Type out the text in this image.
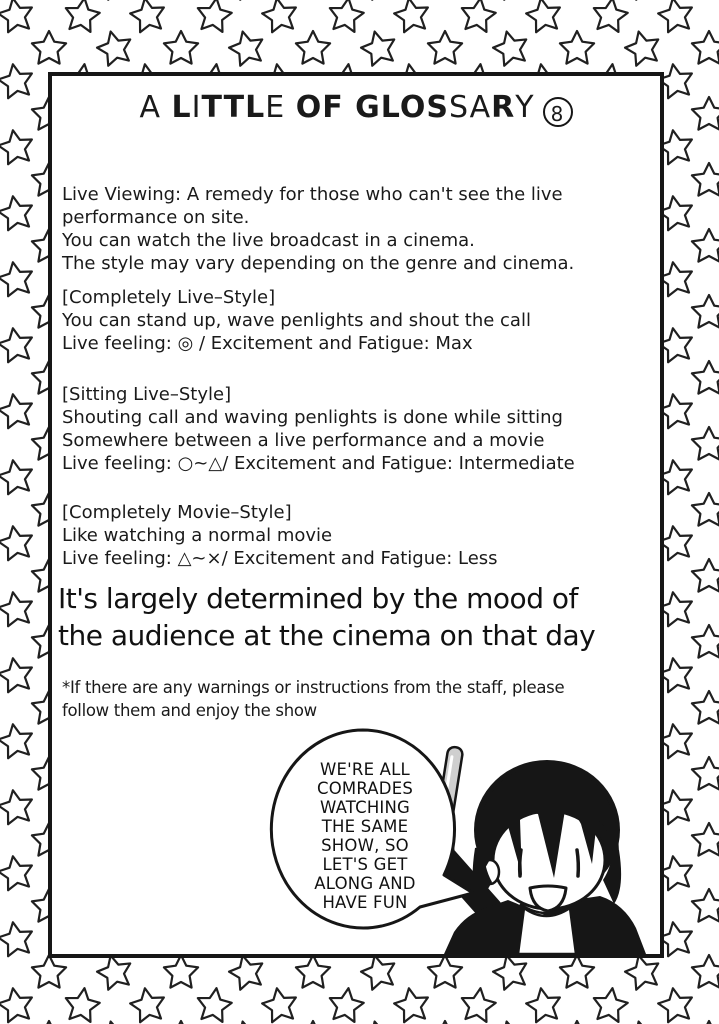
A LITTLE OF GLOSSARY 8
Live Viewing: A remedy for those who can't see the live
performance on site.
You can watch the live broadcast in a cinema.
The style may vary depending on the genre and cinema.
[Completely Live–Style]
You can stand up, wave penlights and shout the call
Live feeling: ◎ / Excitement and Fatigue: Max
[Sitting Live–Style]
Shouting call and waving penlights is done while sitting
Somewhere between a live performance and a movie
Live feeling: ○~△/ Excitement and Fatigue: Intermediate
[Completely Movie–Style]
Like watching a normal movie
Live feeling: △~×/ Excitement and Fatigue: Less
It's largely determined by the mood of
the audience at the cinema on that day
*If there are any warnings or instructions from the staff, please
follow them and enjoy the show
WE'RE ALL
COMRADES
WATCHING
THE SAME
SHOW, SO
LET'S GET
ALONG AND
HAVE FUN
